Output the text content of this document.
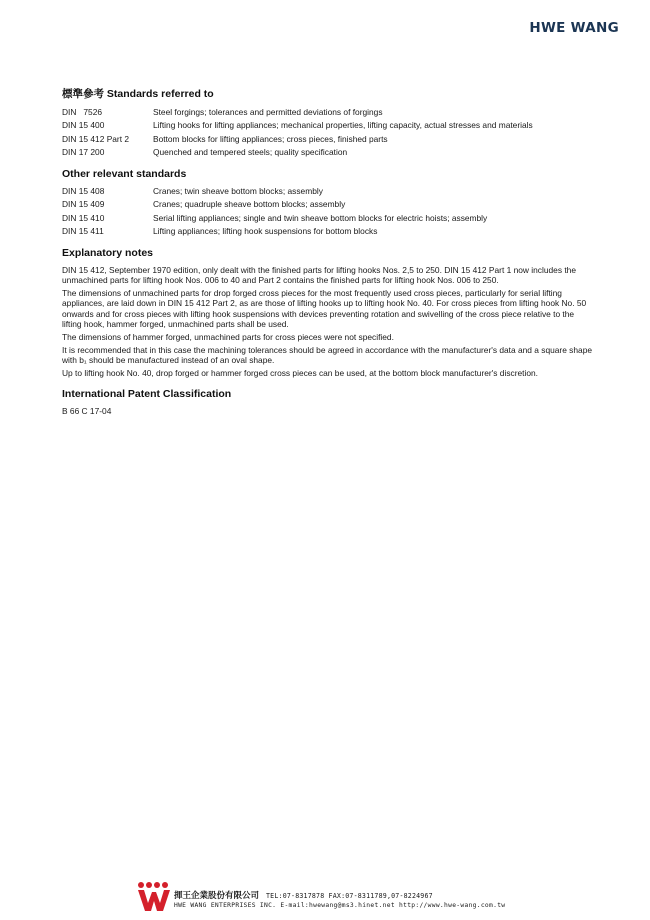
HWE WANG
標準參考 Standards referred to
DIN   7526	Steel forgings; tolerances and permitted deviations of forgings
DIN 15 400	Lifting hooks for lifting appliances; mechanical properties, lifting capacity, actual stresses and materials
DIN 15 412 Part 2	Bottom blocks for lifting appliances; cross pieces, finished parts
DIN 17 200	Quenched and tempered steels; quality specification
Other relevant standards
DIN 15 408	Cranes; twin sheave bottom blocks; assembly
DIN 15 409	Cranes; quadruple sheave bottom blocks; assembly
DIN 15 410	Serial lifting appliances; single and twin sheave bottom blocks for electric hoists; assembly
DIN 15 411	Lifting appliances; lifting hook suspensions for bottom blocks
Explanatory notes

DIN 15 412, September 1970 edition, only dealt with the finished parts for lifting hooks Nos. 2,5 to 250. DIN 15 412 Part 1 now includes the unmachined parts for lifting hook Nos. 006 to 40 and Part 2 contains the finished parts for lifting hook Nos. 006 to 250.

The dimensions of unmachined parts for drop forged cross pieces for the most frequently used cross pieces, particularly for serial lifting appliances, are laid down in DIN 15 412 Part 2, as are those of lifting hooks up to lifting hook No. 40. For cross pieces from lifting hook No. 50 onwards and for cross pieces with lifting hook suspensions with devices preventing rotation and swivelling of the cross piece relative to the lifting hook, hammer forged, unmachined parts shall be used.

The dimensions of hammer forged, unmachined parts for cross pieces were not specified.

It is recommended that in this case the machining tolerances should be agreed in accordance with the manufacturer's data and a square shape with b₁ should be manufactured instead of an oval shape.

Up to lifting hook No. 40, drop forged or hammer forged cross pieces can be used, at the bottom block manufacturer's discretion.

International Patent Classification

B 66 C 17-04

揮王企業股份有限公司 TEL:07-8317878 FAX:07-8311789,07-8224967
HWE WANG ENTERPRISES INC. E-mail:hwewang@ms3.hinet.net http://www.hwe-wang.com.tw
